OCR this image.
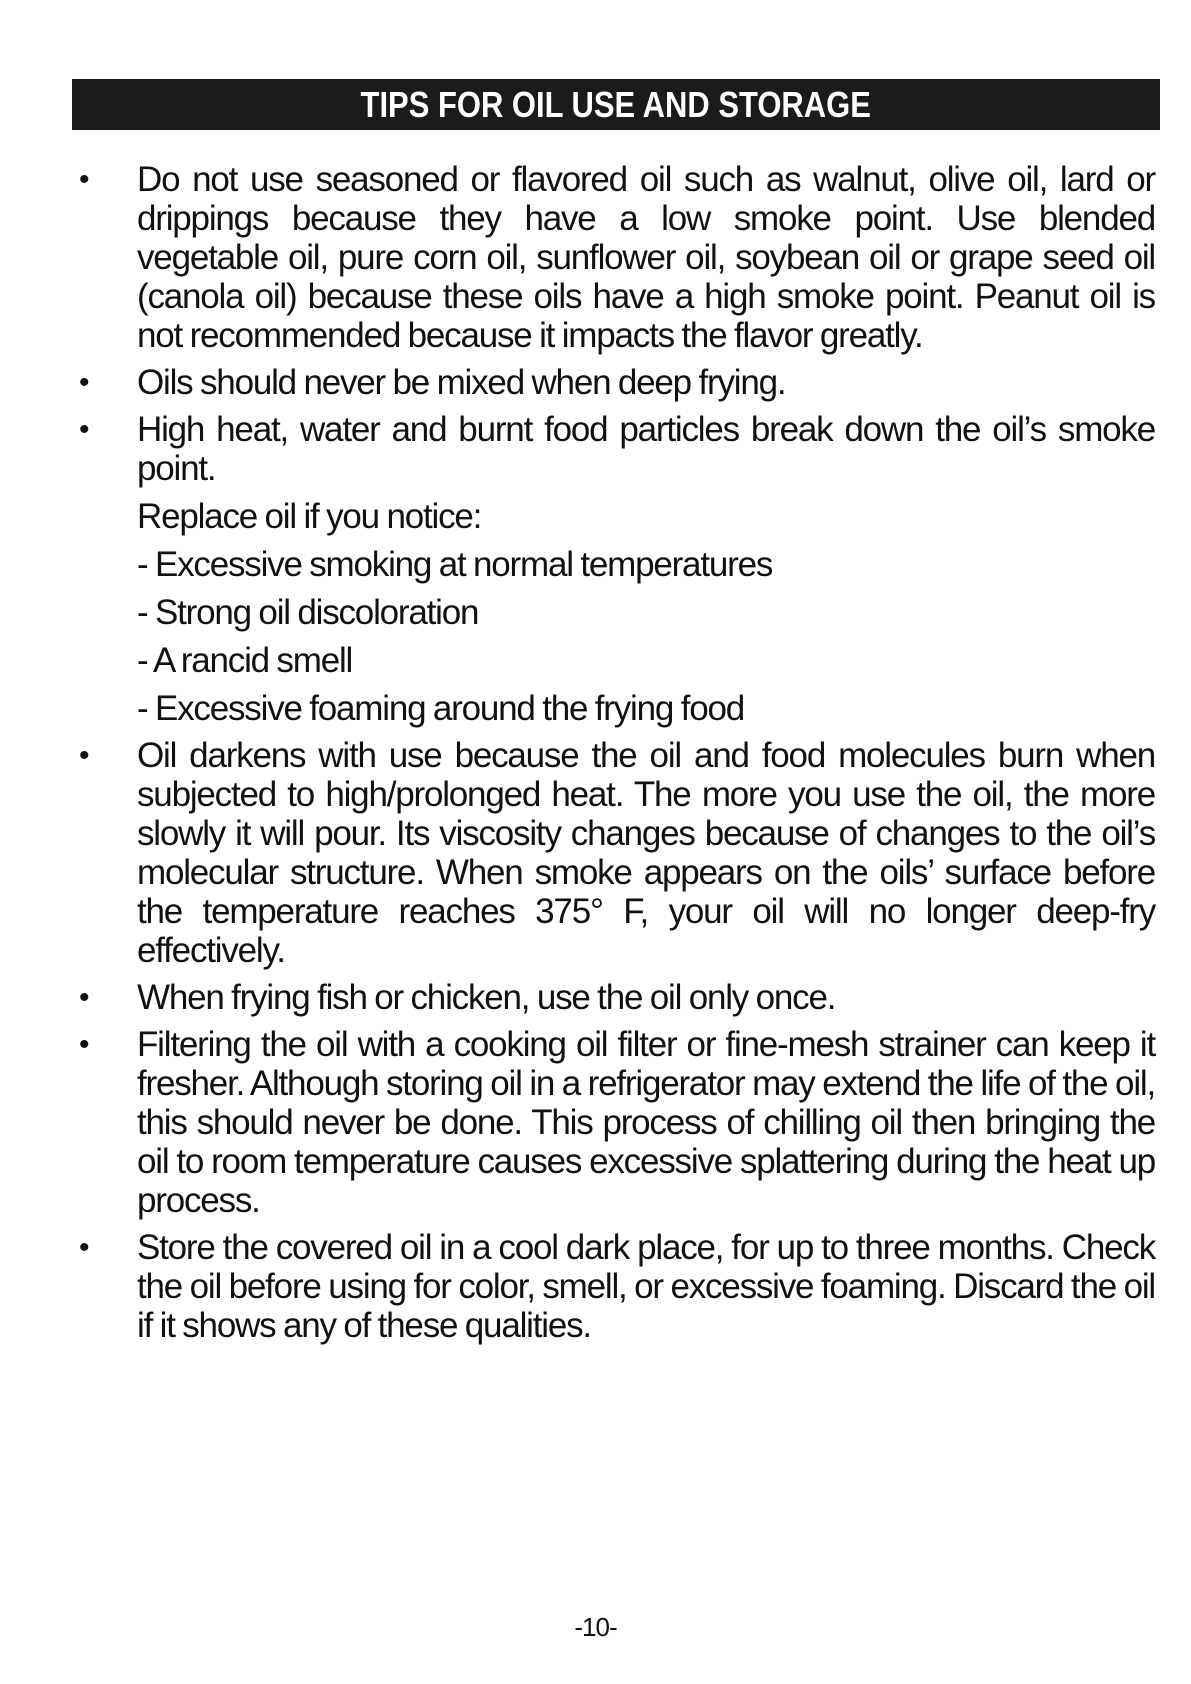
TIPS FOR OIL USE AND STORAGE
• Do not use seasoned or flavored oil such as walnut, olive oil, lard or drippings because they have a low smoke point. Use blended vegetable oil, pure corn oil, sunflower oil, soybean oil or grape seed oil (canola oil) because these oils have a high smoke point. Peanut oil is not recommended because it impacts the flavor greatly.
• Oils should never be mixed when deep frying.
• High heat, water and burnt food particles break down the oil’s smoke point.
Replace oil if you notice:
- Excessive smoking at normal temperatures
- Strong oil discoloration
- A rancid smell
- Excessive foaming around the frying food
• Oil darkens with use because the oil and food molecules burn when subjected to high/prolonged heat. The more you use the oil, the more slowly it will pour. Its viscosity changes because of changes to the oil’s molecular structure. When smoke appears on the oils’ surface before the temperature reaches 375° F, your oil will no longer deep-fry effectively.
• When frying fish or chicken, use the oil only once.
• Filtering the oil with a cooking oil filter or fine-mesh strainer can keep it fresher. Although storing oil in a refrigerator may extend the life of the oil, this should never be done. This process of chilling oil then bringing the oil to room temperature causes excessive splattering during the heat up process.
• Store the covered oil in a cool dark place, for up to three months. Check the oil before using for color, smell, or excessive foaming. Discard the oil if it shows any of these qualities.
-10-
